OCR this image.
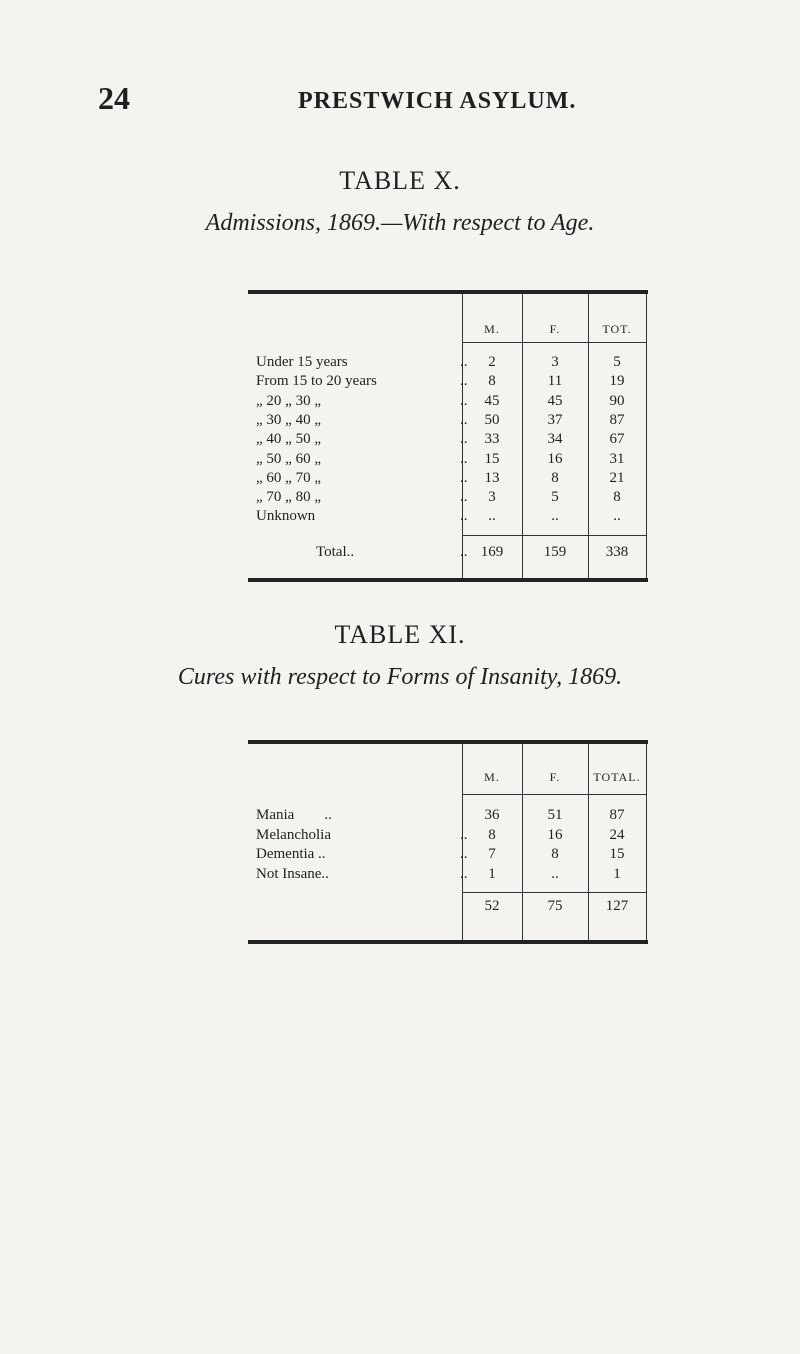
24	PRESTWICH ASYLUM.
TABLE X.
Admissions, 1869.—With respect to Age.
M.	F.	TOT.
Under 15 years	..	2	3	5
From 15 to 20 years	..	8	11	19
„ 20 „ 30 „	..	45	45	90
„ 30 „ 40 „	..	50	37	87
„ 40 „ 50 „	..	33	34	67
„ 50 „ 60 „	..	15	16	31
„ 60 „ 70 „	..	13	8	21
„ 70 „ 80 „	..	3	5	8
Unknown	..	..	..	..
Total..	.. 169	159	338
TABLE XI.
Cures with respect to Forms of Insanity, 1869.
M.	F.	TOTAL.
Mania        ..	36	51	87
Melancholia	..	8	16	24
Dementia ..	..	7	8	15
Not Insane..	..	1	..	1
52	75	127
